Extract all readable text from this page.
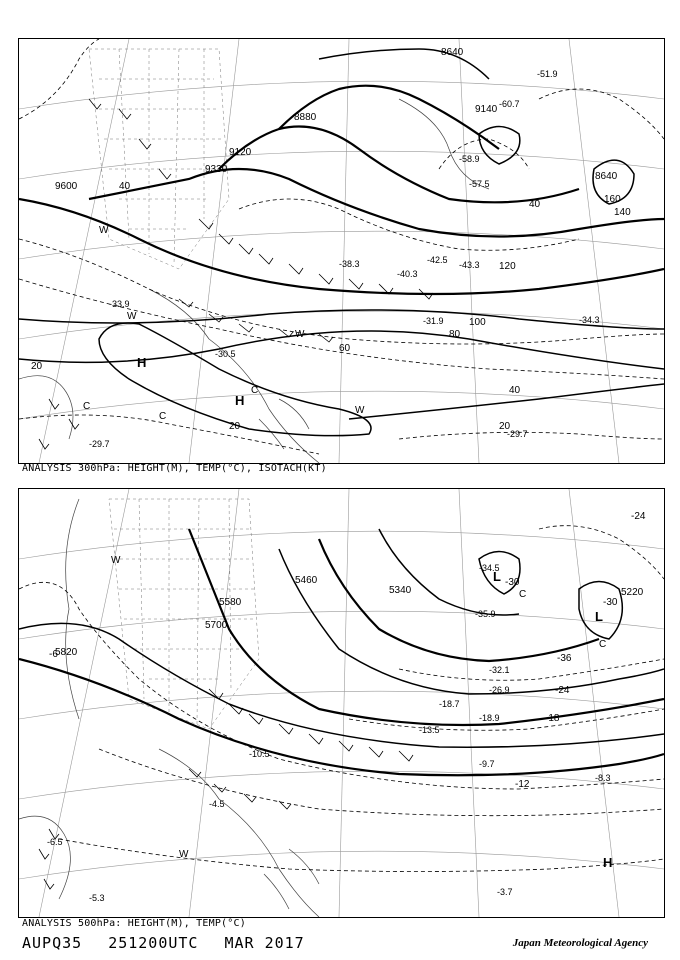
9600
9330
9120
8880
8640
9140
8640
120
100
80
60
40
20
140
160
40
20
20
40
H
H
W
W
W
W
C
C
C
-33.9
-30.5
-31.9
-38.3
-40.3
-42.5 -43.3
-34.3
-29.7
-29.7
-57.5
-58.9
-60.7
-51.9
ANALYSIS 300hPa: HEIGHT(M), TEMP(°C), ISOTACH(KT)
5820
5700
5580
5460
5340	5220
-6
-12
-18
-24
-30
-36
-24
-30
W
W
L
L
H
C
C
-10.5
-13.5
-18.7
-18.9
-26.9
-32.1
-35.9
-34.5
-9.7
-8.3
-3.7
-5.3
-4.5
-6.5
ANALYSIS 500hPa: HEIGHT(M), TEMP(°C)
AUPQ35 251200UTC MAR 2017	Japan Meteorological Agency
